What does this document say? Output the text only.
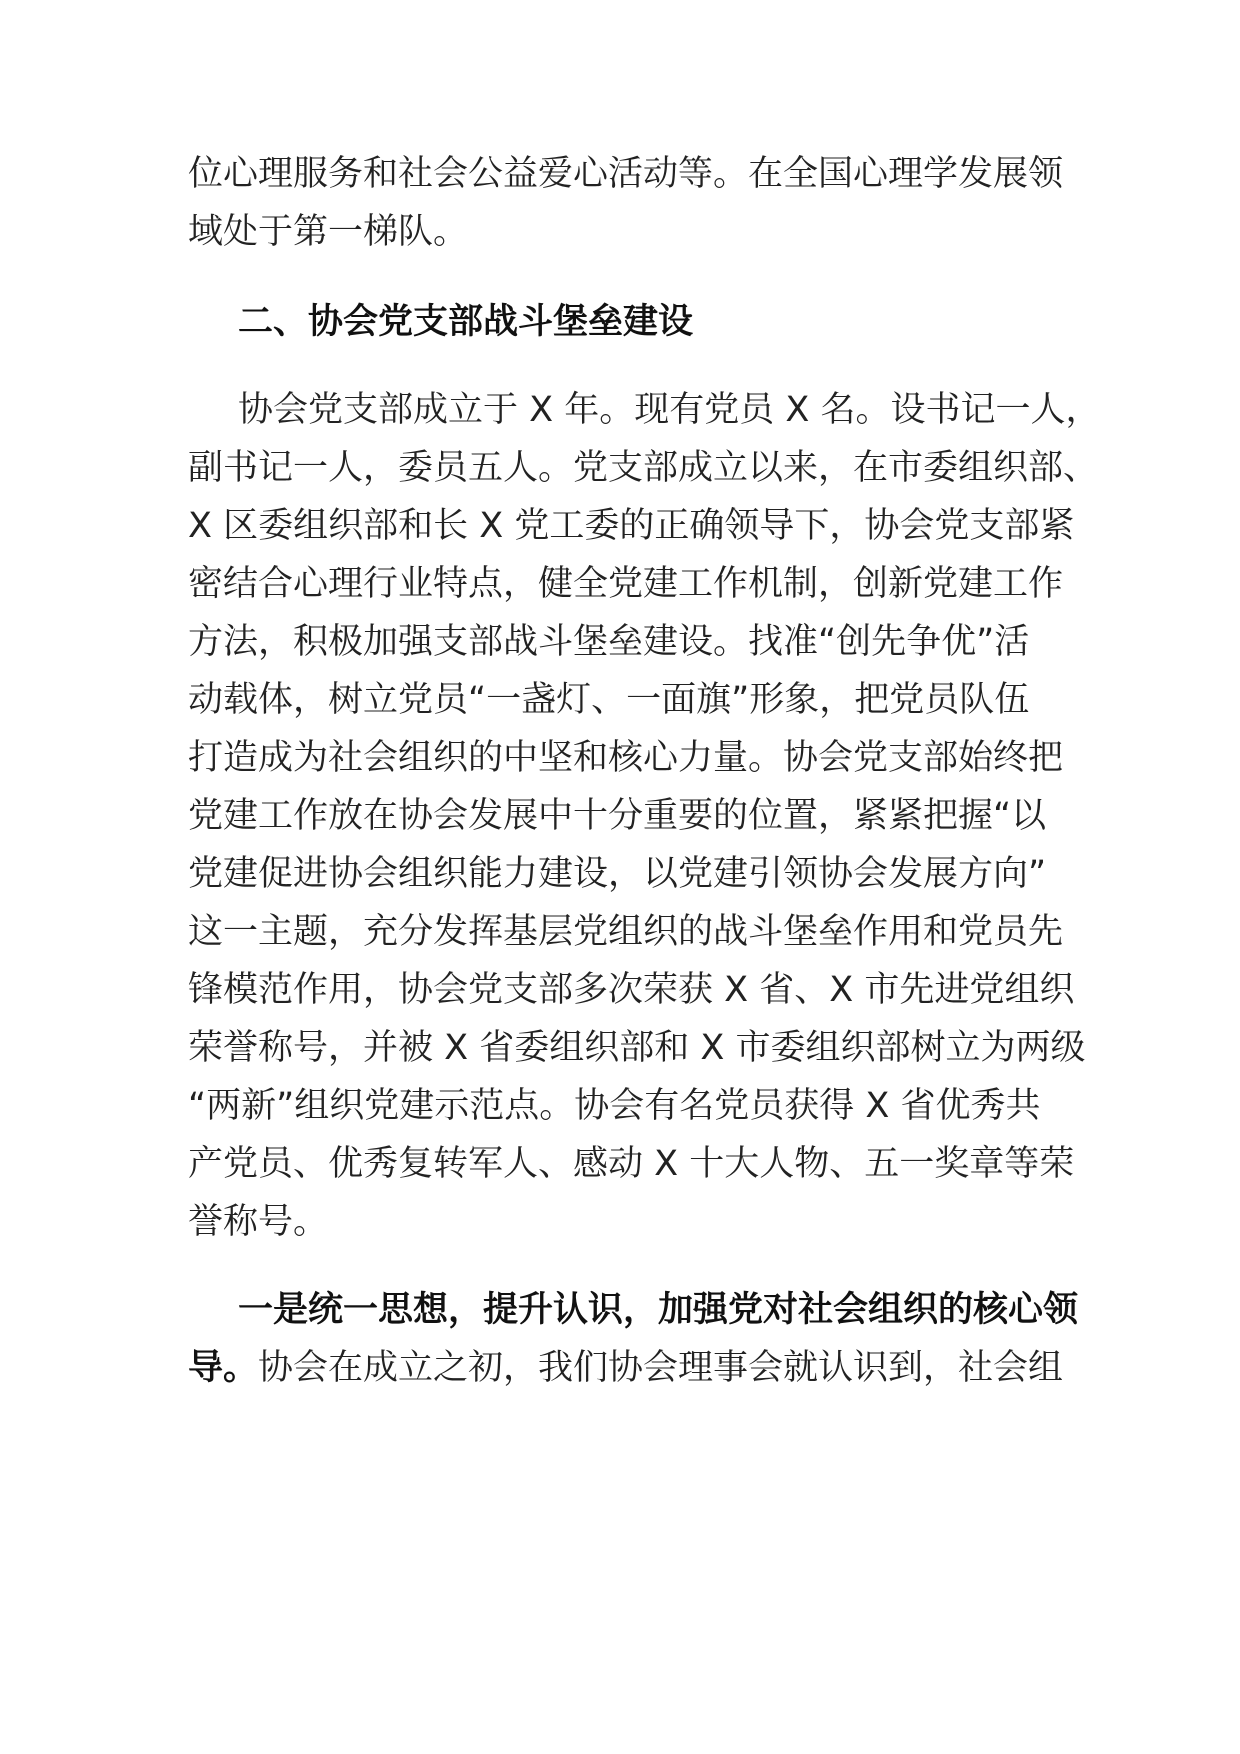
位心理服务和社会公益爱心活动等。在全国心理学发展领
域处于第一梯队。
二、协会党支部战斗堡垒建设
协会党支部成立于 X 年。现有党员 X 名。设书记一人，
副书记一人，委员五人。党支部成立以来，在市委组织部、
X 区委组织部和长 X 党工委的正确领导下，协会党支部紧
密结合心理行业特点，健全党建工作机制，创新党建工作
方法，积极加强支部战斗堡垒建设。找准“创先争优”活
动载体，树立党员“一盏灯、一面旗”形象，把党员队伍
打造成为社会组织的中坚和核心力量。协会党支部始终把
党建工作放在协会发展中十分重要的位置，紧紧把握“以
党建促进协会组织能力建设，以党建引领协会发展方向”
这一主题，充分发挥基层党组织的战斗堡垒作用和党员先
锋模范作用，协会党支部多次荣获 X 省、X 市先进党组织
荣誉称号，并被 X 省委组织部和 X 市委组织部树立为两级
“两新”组织党建示范点。协会有名党员获得 X 省优秀共
产党员、优秀复转军人、感动 X 十大人物、五一奖章等荣
誉称号。
一是统一思想，提升认识，加强党对社会组织的核心领
导。协会在成立之初，我们协会理事会就认识到，社会组
